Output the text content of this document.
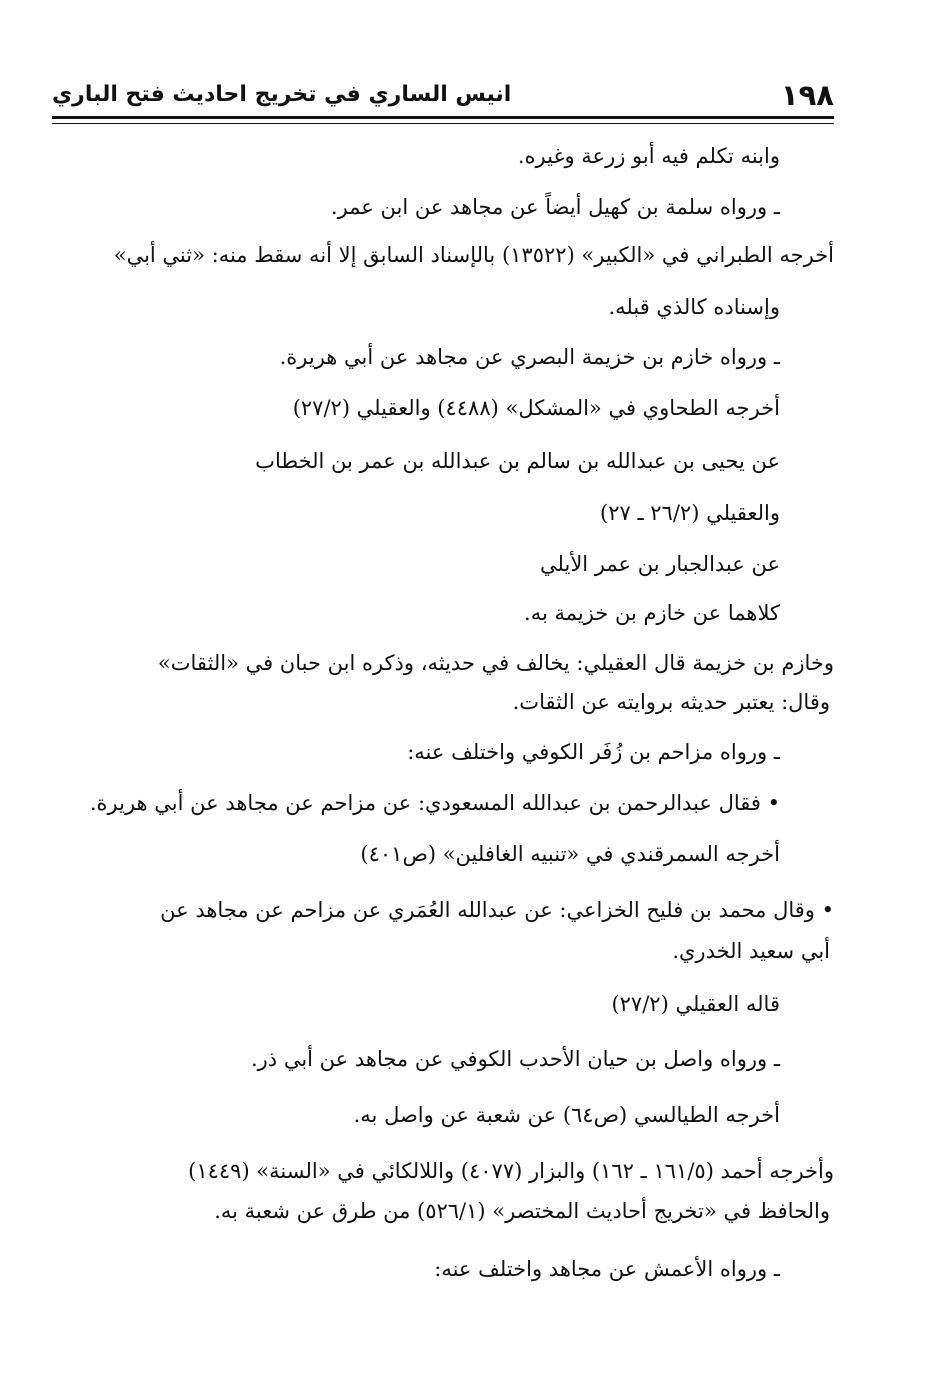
١٩٨
انيس الساري في تخريج احاديث فتح الباري
وابنه تكلم فيه أبو زرعة وغيره.
ـ ورواه سلمة بن كهيل أيضاً عن مجاهد عن ابن عمر.
أخرجه الطبراني في «الكبير» (١٣٥٢٢) بالإسناد السابق إلا أنه سقط منه: «ثني أبي»
وإسناده كالذي قبله.
ـ ورواه خازم بن خزيمة البصري عن مجاهد عن أبي هريرة.
أخرجه الطحاوي في «المشكل» (٤٤٨٨) والعقيلي (٢٧/٢)
عن يحيى بن عبدالله بن سالم بن عبدالله بن عمر بن الخطاب
والعقيلي (٢٦/٢ ـ ٢٧)
عن عبدالجبار بن عمر الأيلي
كلاهما عن خازم بن خزيمة به.
وخازم بن خزيمة قال العقيلي: يخالف في حديثه، وذكره ابن حبان في «الثقات»
وقال: يعتبر حديثه بروايته عن الثقات.
ـ ورواه مزاحم بن زُفَر الكوفي واختلف عنه:
• فقال عبدالرحمن بن عبدالله المسعودي: عن مزاحم عن مجاهد عن أبي هريرة.
أخرجه السمرقندي في «تنبيه الغافلين» (ص٤٠١)
• وقال محمد بن فليح الخزاعي: عن عبدالله العُمَري عن مزاحم عن مجاهد عن
أبي سعيد الخدري.
قاله العقيلي (٢٧/٢)
ـ ورواه واصل بن حيان الأحدب الكوفي عن مجاهد عن أبي ذر.
أخرجه الطيالسي (ص٦٤) عن شعبة عن واصل به.
وأخرجه أحمد (١٦١/٥ ـ ١٦٢) والبزار (٤٠٧٧) واللالكائي في «السنة» (١٤٤٩)
والحافظ في «تخريج أحاديث المختصر» (٥٢٦/١) من طرق عن شعبة به.
ـ ورواه الأعمش عن مجاهد واختلف عنه:
